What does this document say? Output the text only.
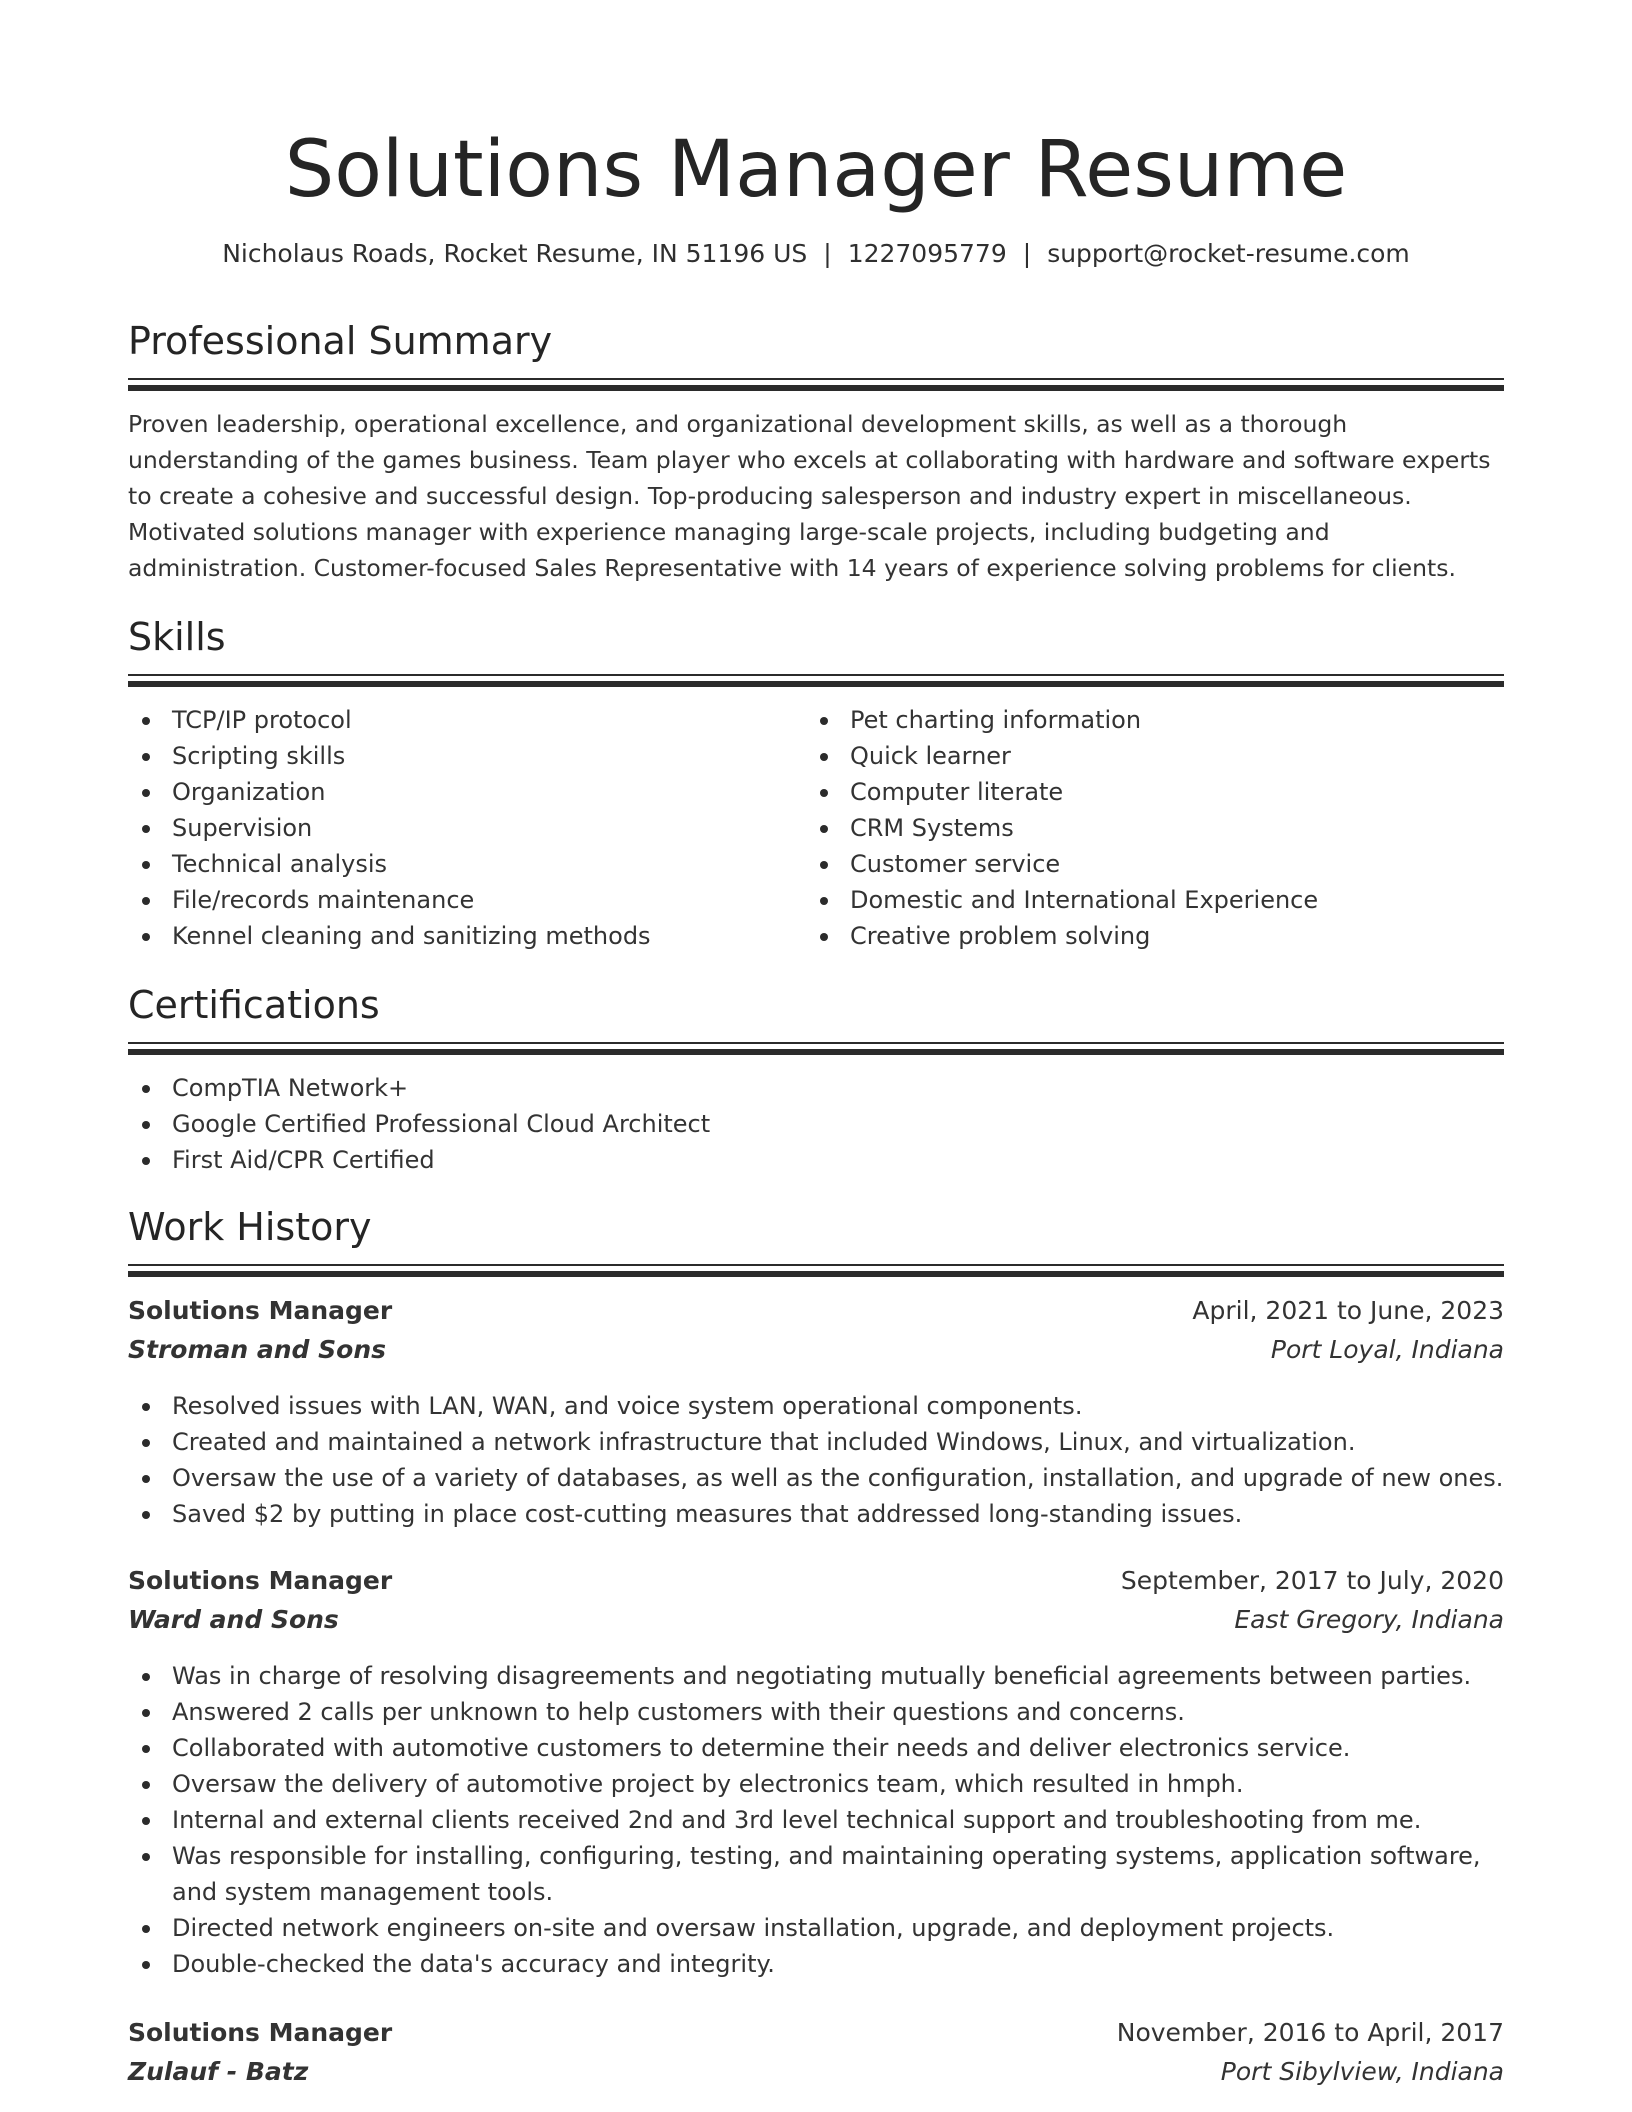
Solutions Manager Resume
Nicholaus Roads, Rocket Resume, IN 51196 US | 1227095779 | support@rocket-resume.com
Professional Summary

Proven leadership, operational excellence, and organizational development skills, as well as a thorough understanding of the games business. Team player who excels at collaborating with hardware and software experts to create a cohesive and successful design. Top-producing salesperson and industry expert in miscellaneous. Motivated solutions manager with experience managing large-scale projects, including budgeting and administration. Customer-focused Sales Representative with 14 years of experience solving problems for clients.

Skills
TCP/IP protocol
Scripting skills
Organization
Supervision
Technical analysis
File/records maintenance
Kennel cleaning and sanitizing methods
Pet charting information
Quick learner
Computer literate
CRM Systems
Customer service
Domestic and International Experience
Creative problem solving
Certifications
CompTIA Network+
Google Certified Professional Cloud Architect
First Aid/CPR Certified
Work History
Solutions Manager	April, 2021 to June, 2023
Stroman and Sons	Port Loyal, Indiana
Resolved issues with LAN, WAN, and voice system operational components.
Created and maintained a network infrastructure that included Windows, Linux, and virtualization.
Oversaw the use of a variety of databases, as well as the configuration, installation, and upgrade of new ones.
Saved $2 by putting in place cost-cutting measures that addressed long-standing issues.
Solutions Manager	September, 2017 to July, 2020
Ward and Sons	East Gregory, Indiana
Was in charge of resolving disagreements and negotiating mutually beneficial agreements between parties.
Answered 2 calls per unknown to help customers with their questions and concerns.
Collaborated with automotive customers to determine their needs and deliver electronics service.
Oversaw the delivery of automotive project by electronics team, which resulted in hmph.
Internal and external clients received 2nd and 3rd level technical support and troubleshooting from me.
Was responsible for installing, configuring, testing, and maintaining operating systems, application software, and system management tools.
Directed network engineers on-site and oversaw installation, upgrade, and deployment projects.
Double-checked the data's accuracy and integrity.
Solutions Manager	November, 2016 to April, 2017
Zulauf - Batz	Port Sibylview, Indiana
